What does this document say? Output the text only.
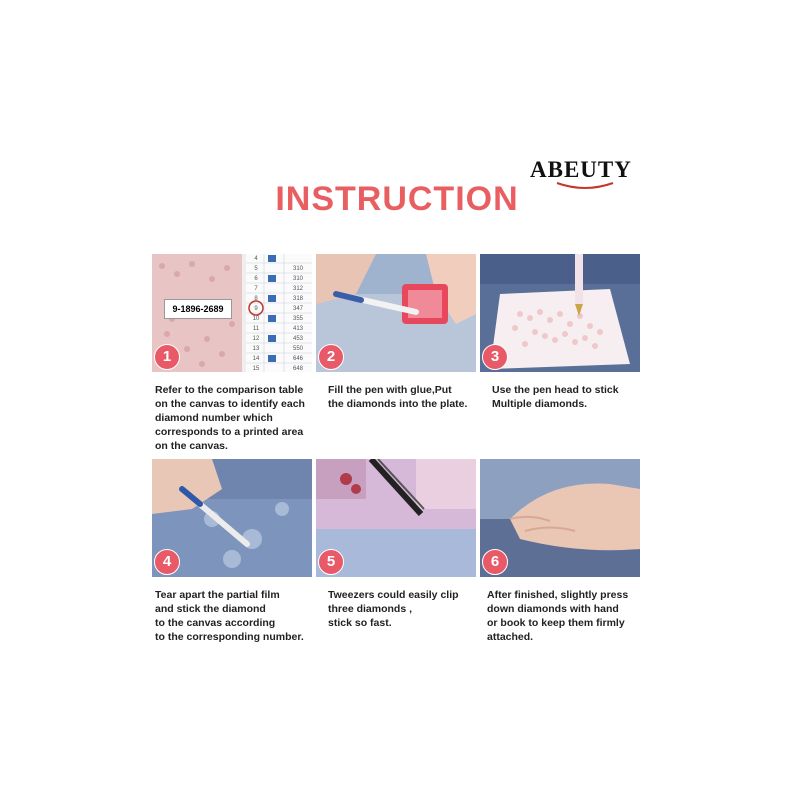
ABEUTY
INSTRUCTION
9-1896-2689
4
5
6
7
8
9
10
11
12
13
14
15

310
310
312
318
347
355
413
453
550
646
648
1
Refer to the comparison table
on the canvas to identify each
diamond number which
corresponds to a printed area
on the canvas.
2
Fill the pen with glue,Put
the diamonds into the plate.
3
Use the pen head to stick
Multiple diamonds.
4
Tear apart the partial film
and stick the diamond
to the canvas according
to the corresponding number.
5
Tweezers could easily clip
three diamonds ,
stick so fast.
6
After finished, slightly press
down diamonds with hand
or book to keep them firmly
attached.
